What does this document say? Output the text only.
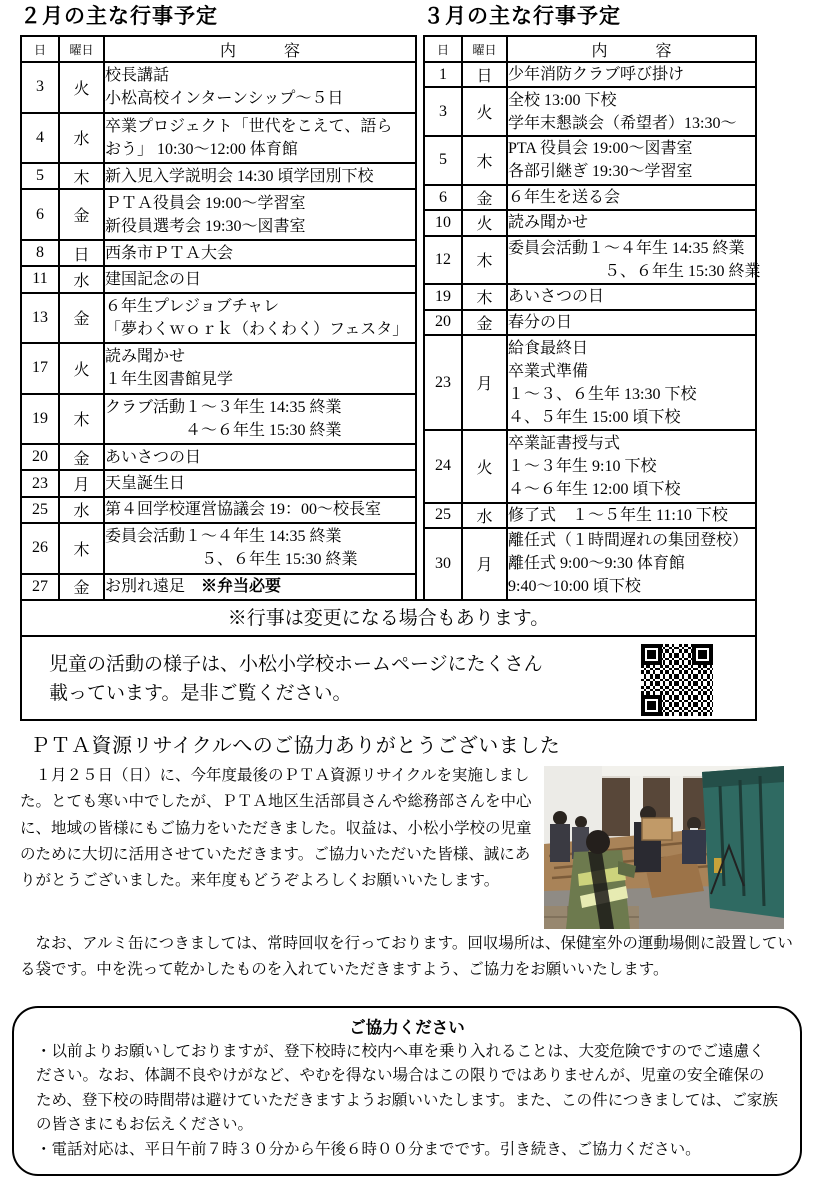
２月の主な行事予定	３月の主な行事予定
日	曜日	内　　　容
3	火	校長講話
小松高校インターンシップ～５日

4	水	卒業プロジェクト「世代をこえて、語ら
おう」 10:30～12:00 体育館

5	木	新入児入学説明会 14:30 頃学団別下校

6	金	ＰＴＡ役員会 19:00～学習室
新役員選考会 19:30～図書室

8	日	西条市ＰＴＡ大会

11	水	建国記念の日

13	金	６年生プレジョブチャレ
「夢わくｗｏｒｋ（わくわく）フェスタ」

17	火	読み聞かせ
１年生図書館見学

19	木	クラブ活動１～３年生 14:35 終業
　　　　　４～６年生 15:30 終業

20	金	あいさつの日

23	月	天皇誕生日

25	水	第４回学校運営協議会 19：00～校長室

26	木	委員会活動１～４年生 14:35 終業
　　　　　　５、６年生 15:30 終業

27	金	お別れ遠足　※弁当必要
日	曜日	内　　　容
1	日	少年消防クラブ呼び掛け

3	火	全校 13:00 下校
学年末懇談会（希望者）13:30～

5	木	PTA 役員会 19:00～図書室
各部引継ぎ 19:30～学習室

6	金	６年生を送る会

10	火	読み聞かせ

12	木	委員会活動１～４年生 14:35 終業
　　　　　　５、６年生 15:30 終業

19	木	あいさつの日

20	金	春分の日

23	月	給食最終日
卒業式準備
１～３、６生年 13:30 下校
４、５年生 15:00 頃下校

24	火	卒業証書授与式
１～３年生 9:10 下校
４～６年生 12:00 頃下校

25	水	修了式　１～５年生 11:10 下校

30	月	離任式（１時間遅れの集団登校）
離任式 9:00～9:30 体育館
9:40～10:00 頃下校
※行事は変更になる場合もあります。
児童の活動の様子は、小松小学校ホームページにたくさん
載っています。是非ご覧ください。
ＰＴＡ資源リサイクルへのご協力ありがとうございました
１月２５日（日）に、今年度最後のＰＴＡ資源リサイクルを実施しました。とても寒い中でしたが、ＰＴＡ地区生活部員さんや総務部さんを中心に、地域の皆様にもご協力をいただきました。収益は、小松小学校の児童のために大切に活用させていただきます。ご協力いただいた皆様、誠にありがとうございました。来年度もどうぞよろしくお願いいたします。
なお、アルミ缶につきましては、常時回収を行っております。回収場所は、保健室外の運動場側に設置している袋です。中を洗って乾かしたものを入れていただきますよう、ご協力をお願いいたします。
ご協力ください
・以前よりお願いしておりますが、登下校時に校内へ車を乗り入れることは、大変危険ですのでご遠慮ください。なお、体調不良やけがなど、やむを得ない場合はこの限りではありませんが、児童の安全確保のため、登下校の時間帯は避けていただきますようお願いいたします。また、この件につきましては、ご家族の皆さまにもお伝えください。
・電話対応は、平日午前７時３０分から午後６時００分までです。引き続き、ご協力ください。
